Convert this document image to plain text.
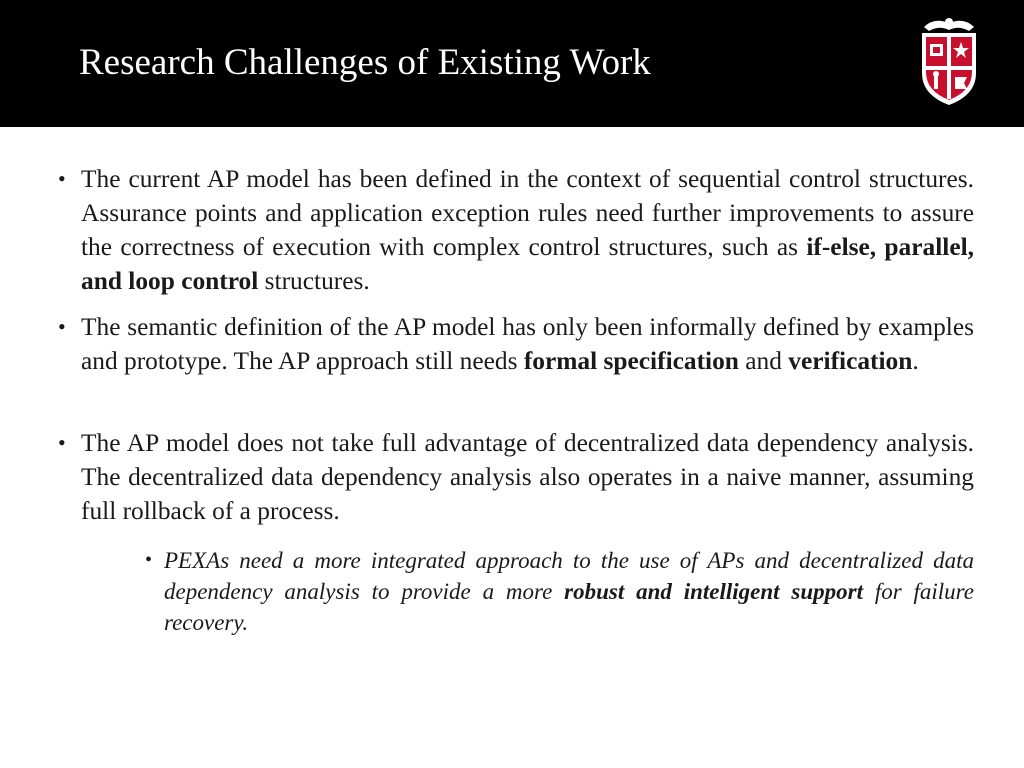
Research Challenges of Existing Work
• The current AP model has been defined in the context of sequential control structures. Assurance points and application exception rules need further improvements to assure the correctness of execution with complex control structures, such as if-else, parallel, and loop control structures.
• The semantic definition of the AP model has only been informally defined by examples and prototype. The AP approach still needs formal specification and verification.
• The AP model does not take full advantage of decentralized data dependency analysis. The decentralized data dependency analysis also operates in a naive manner, assuming full rollback of a process.
• PEXAs need a more integrated approach to the use of APs and decentralized data dependency analysis to provide a more robust and intelligent support for failure recovery.
